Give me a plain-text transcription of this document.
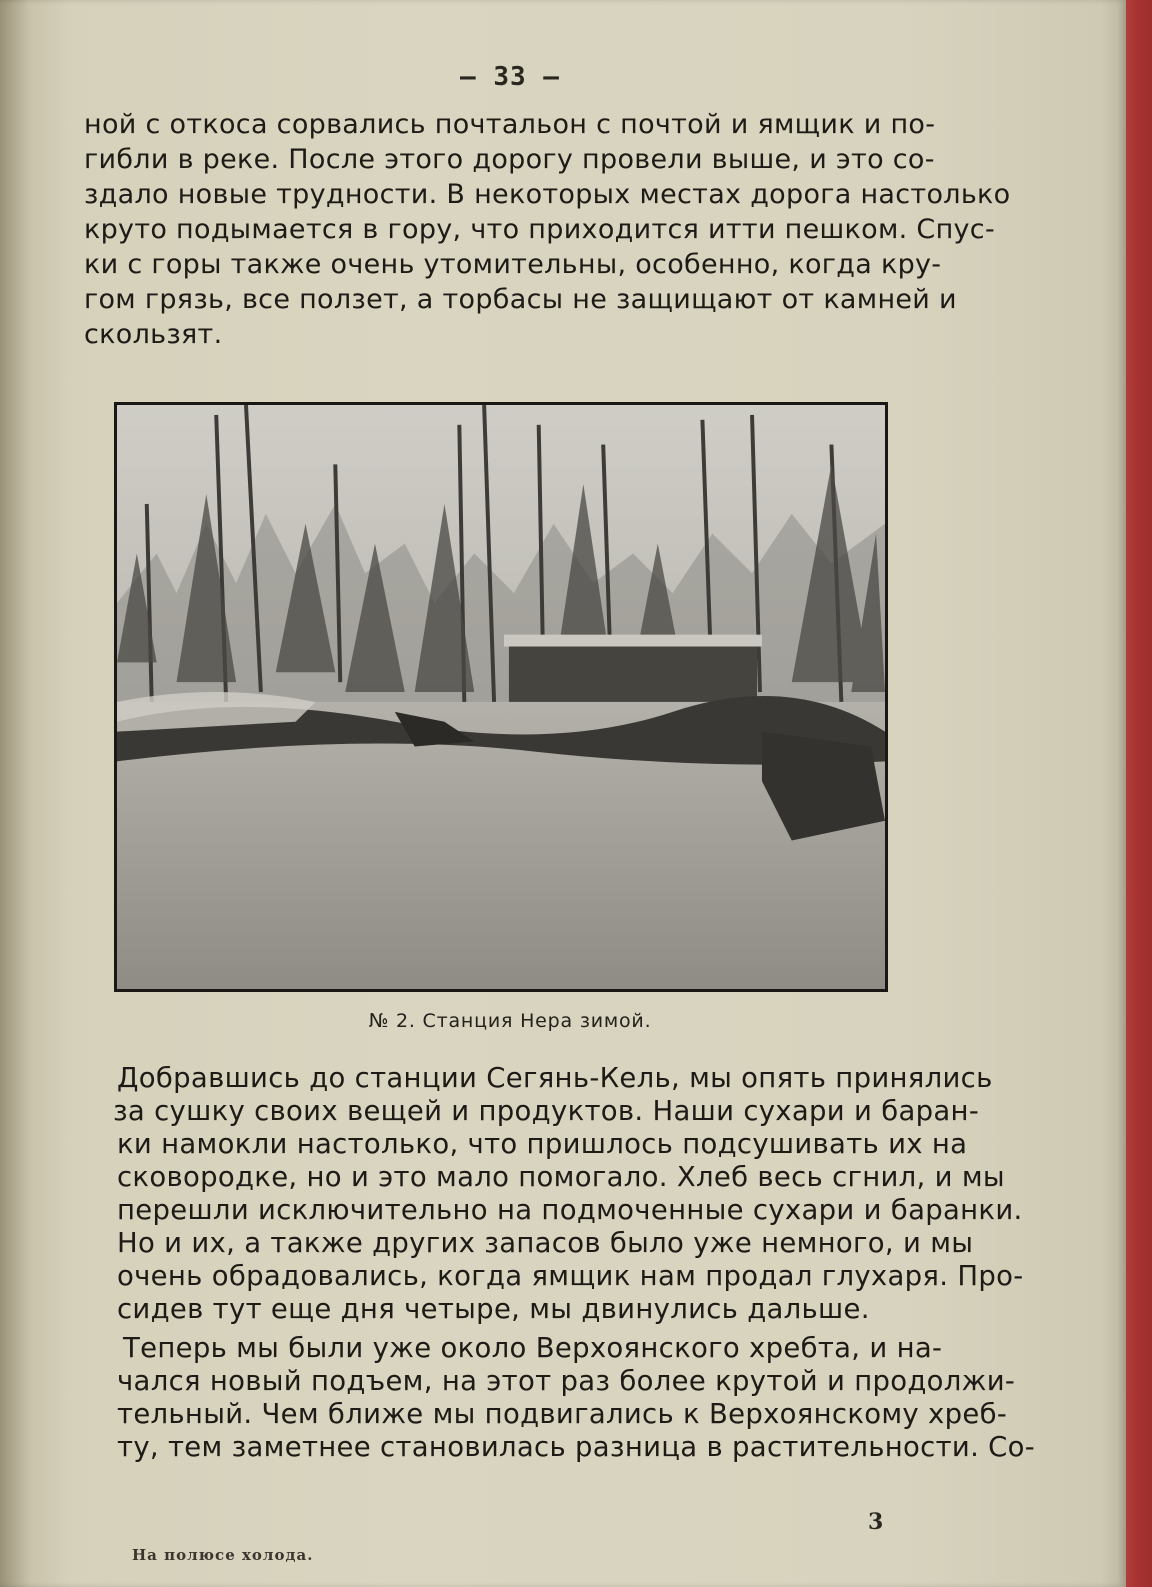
— 33 —

ной с откоса сорвались почтальон с почтой и ямщик и по-
гибли в реке. После этого дорогу провели выше, и это со-
здало новые трудности. В некоторых местах дорога настолько
круто подымается в гору, что приходится итти пешком. Спус-
ки с горы также очень утомительны, особенно, когда кру-
гом грязь, все ползет, а торбасы не защищают от камней и
скользят.

№ 2. Станция Нера зимой.

Добравшись до станции Сегянь-Кель, мы опять принялись
за сушку своих вещей и продуктов. Наши сухари и баран-
ки намокли настолько, что пришлось подсушивать их на
сковородке, но и это мало помогало. Хлеб весь сгнил, и мы
перешли исключительно на подмоченные сухари и баранки.
Но и их, а также других запасов было уже немного, и мы
очень обрадовались, когда ямщик нам продал глухаря. Про-
сидев тут еще дня четыре, мы двинулись дальше.
Теперь мы были уже около Верхоянского хребта, и на-
чался новый подъем, на этот раз более крутой и продолжи-
тельный. Чем ближе мы подвигались к Верхоянскому хреб-
ту, тем заметнее становилась разница в растительности. Со-

3
На полюсе холода.
